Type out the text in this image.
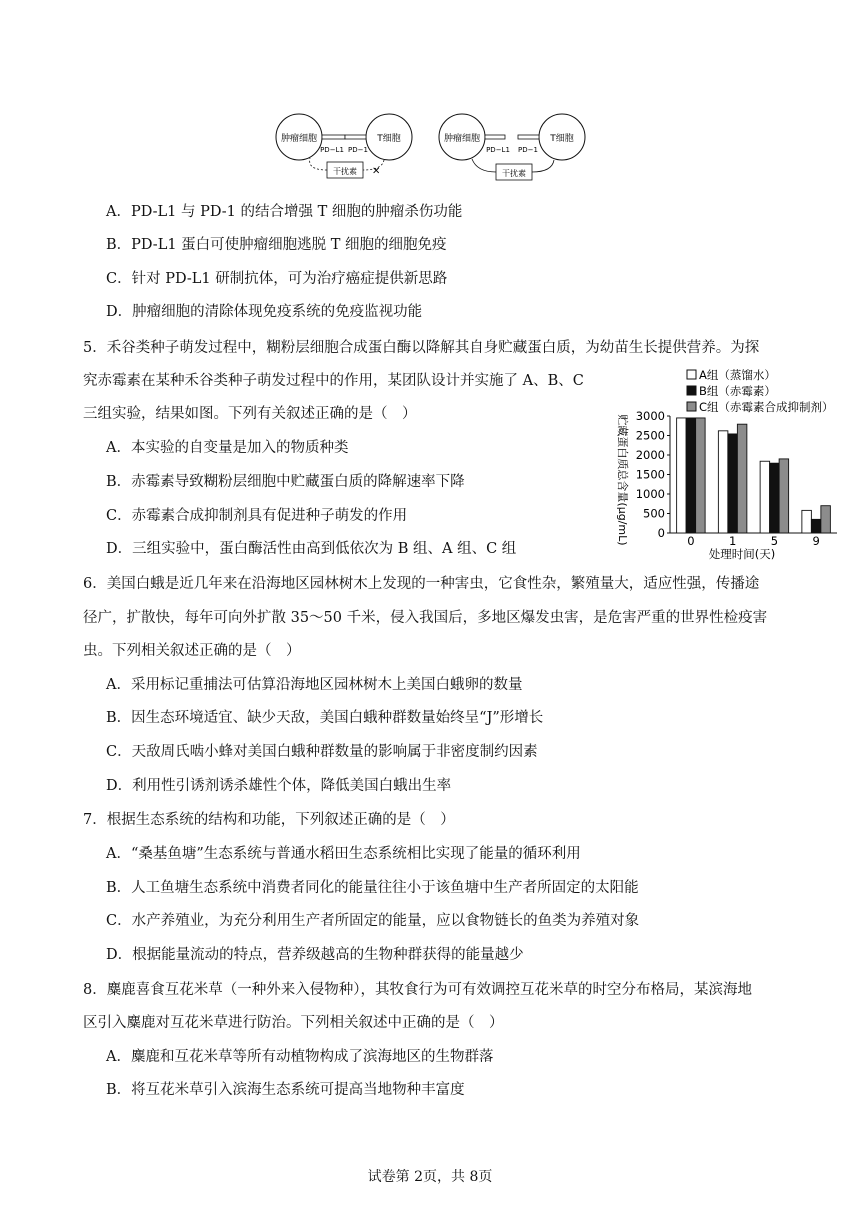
肿瘤细胞	T细胞
PD−L1 PD−1
干扰素 ✕
肿瘤细胞	T细胞
PD−L1 PD−1
干扰素
A．PD-L1 与 PD-1 的结合增强 T 细胞的肿瘤杀伤功能
B．PD-L1 蛋白可使肿瘤细胞逃脱 T 细胞的细胞免疫
C．针对 PD-L1 研制抗体，可为治疗癌症提供新思路
D．肿瘤细胞的清除体现免疫系统的免疫监视功能
5．禾谷类种子萌发过程中，糊粉层细胞合成蛋白酶以降解其自身贮藏蛋白质，为幼苗生长提供营养。为探
究赤霉素在某种禾谷类种子萌发过程中的作用，某团队设计并实施了 A、B、C
三组实验，结果如图。下列有关叙述正确的是（　）
A．本实验的自变量是加入的物质种类
B．赤霉素导致糊粉层细胞中贮藏蛋白质的降解速率下降
C．赤霉素合成抑制剂具有促进种子萌发的作用
D．三组实验中，蛋白酶活性由高到低依次为 B 组、A 组、C 组
A组（蒸馏水）
B组（赤霉素）
C组（赤霉素合成抑制剂）
贮藏蛋白质总含量(μg/mL) 0
500
1000
1500
2000
2500
3000
0	1	5	9
处理时间(天)
6．美国白蛾是近几年来在沿海地区园林树木上发现的一种害虫，它食性杂，繁殖量大，适应性强，传播途
径广，扩散快，每年可向外扩散 35～50 千米，侵入我国后，多地区爆发虫害，是危害严重的世界性检疫害
虫。下列相关叙述正确的是（　）
A．采用标记重捕法可估算沿海地区园林树木上美国白蛾卵的数量
B．因生态环境适宜、缺少天敌，美国白蛾种群数量始终呈“J”形增长
C．天敌周氏啮小蜂对美国白蛾种群数量的影响属于非密度制约因素
D．利用性引诱剂诱杀雄性个体，降低美国白蛾出生率
7．根据生态系统的结构和功能，下列叙述正确的是（　）
A．“桑基鱼塘”生态系统与普通水稻田生态系统相比实现了能量的循环利用
B．人工鱼塘生态系统中消费者同化的能量往往小于该鱼塘中生产者所固定的太阳能
C．水产养殖业，为充分利用生产者所固定的能量，应以食物链长的鱼类为养殖对象
D．根据能量流动的特点，营养级越高的生物种群获得的能量越少
8．麋鹿喜食互花米草（一种外来入侵物种），其牧食行为可有效调控互花米草的时空分布格局，某滨海地
区引入麋鹿对互花米草进行防治。下列相关叙述中正确的是（　）
A．麋鹿和互花米草等所有动植物构成了滨海地区的生物群落
B．将互花米草引入滨海生态系统可提高当地物种丰富度
试卷第 2页，共 8页
